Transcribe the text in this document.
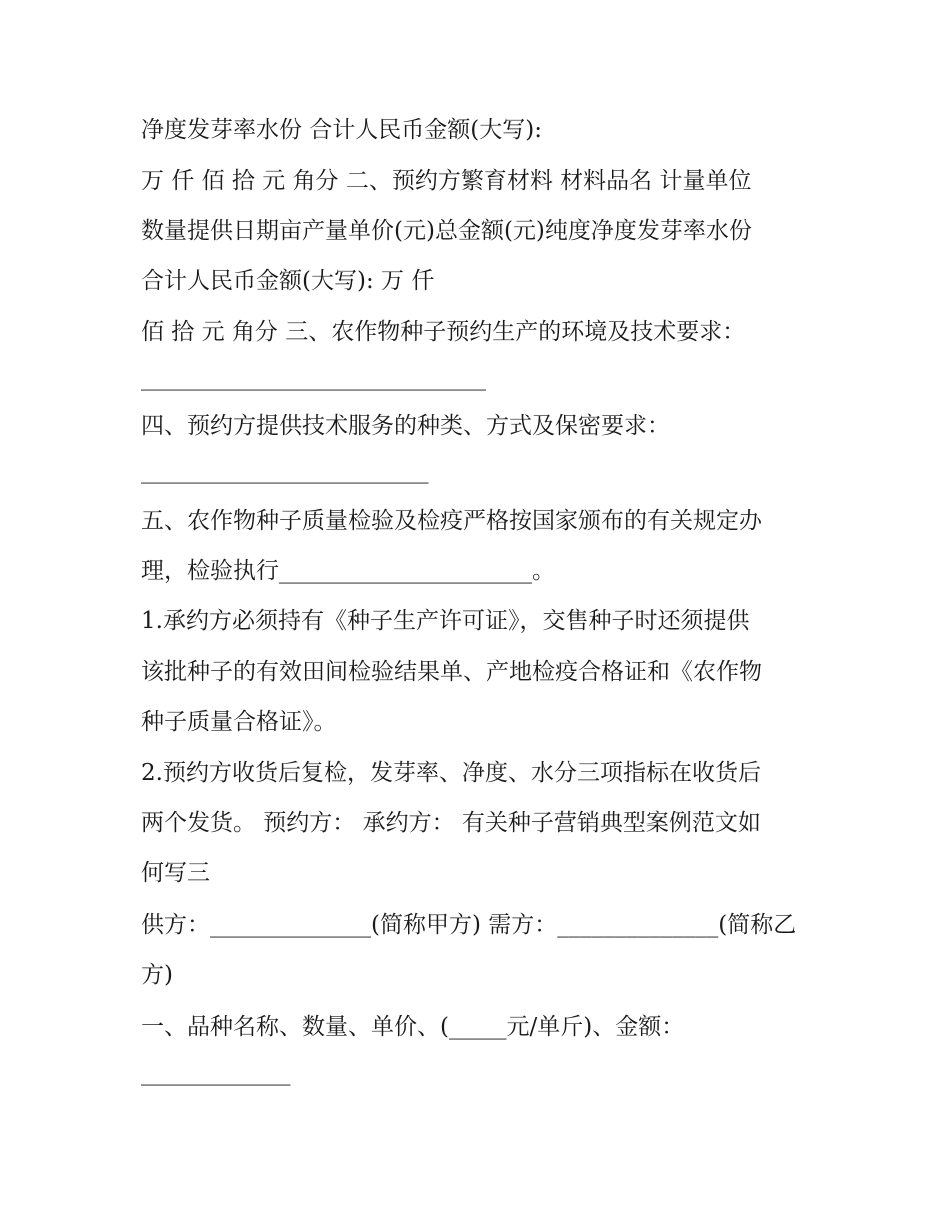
净度发芽率水份 合计人民币金额(大写):
万 仟 佰 拾 元 角分 二、预约方繁育材料 材料品名 计量单位
数量提供日期亩产量单价(元)总金额(元)纯度净度发芽率水份
合计人民币金额(大写): 万 仟
佰 拾 元 角分 三、农作物种子预约生产的环境及技术要求：
______________________________
四、预约方提供技术服务的种类、方式及保密要求：
_________________________
五、农作物种子质量检验及检疫严格按国家颁布的有关规定办
理，检验执行______________________。
1.承约方必须持有《种子生产许可证》，交售种子时还须提供
该批种子的有效田间检验结果单、产地检疫合格证和《农作物
种子质量合格证》。
2.预约方收货后复检，发芽率、净度、水分三项指标在收货后
两个发货。 预约方： 承约方： 有关种子营销典型案例范文如
何写三
供方：______________(简称甲方) 需方：______________(简称乙
方)
一、品种名称、数量、单价、(_____元/单斤)、金额：
_____________
